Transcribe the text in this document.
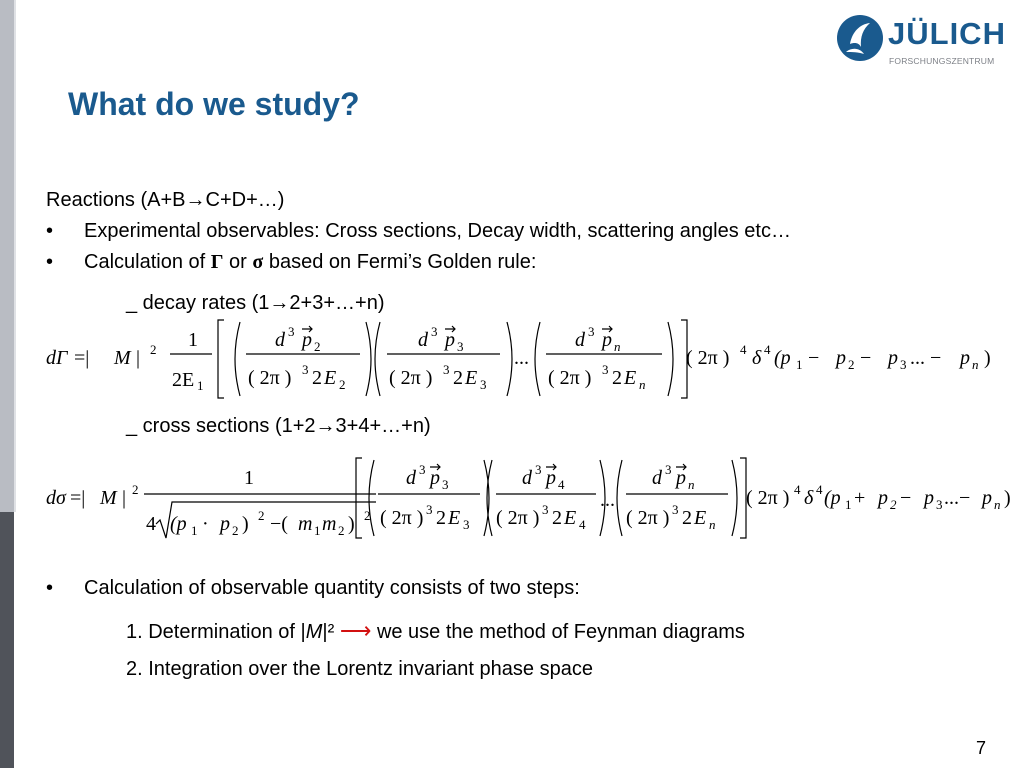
JÜLICH
FORSCHUNGSZENTRUM
What do we study?
Reactions (A+B→C+D+…)
• Experimental observables: Cross sections, Decay width, scattering angles etc…
• Calculation of Γ or σ based on Fermi’s Golden rule:
_ decay rates (1→2+3+…+n)
dΓ =| M | 2 1
2E 1
d 3 p 2
( 2π ) 3 2 E 2
d 3 p 3
( 2π ) 3 2 E 3
...
d 3 p n
( 2π ) 3 2 E n
( 2π ) 4 δ 4 (p 1 − p 2 − p 3 ... − p n )
_ cross sections (1+2→3+4+…+n)
dσ =| M | 2
1
4 (p 1 · p 2 ) 2 −( m 1 m 2 ) 2
d 3 p 3
( 2π ) 3 2 E 3
d 3 p 4
( 2π ) 3 2 E 4
...
d 3 p n
( 2π ) 3 2 E n
( 2π ) 4 δ 4 (p 1 + p 2 − p 3 ...− p n )
• Calculation of observable quantity consists of two steps:
1. Determination of |M|² ⟶ we use the method of Feynman diagrams
2. Integration over the Lorentz invariant phase space
7
